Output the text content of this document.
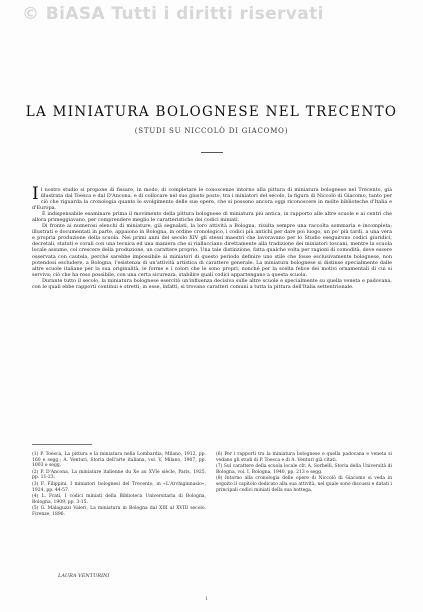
© BiASA Tutti i diritti riservati
LA MINIATURA BOLOGNESE NEL TRECENTO
(STUDI SU NICCOLÒ DI GIACOMO)

Il nostro studio si propone di fissare, in modo, di completare le conoscenze intorno alla pittura di miniatura bolognese nel Trecento, già illustrata dal Toesca e dal D'Ancona, e di collocare nel suo giusto posto, tra i miniatori del secolo, la figura di Niccolò di Giacomo, tanto per ciò che riguarda la cronologia quanto lo svolgimento delle sue opere, che si possono ancora oggi riconoscere in molte biblioteche d'Italia e d'Europa.

È indispensabile esaminare prima il movimento della pittura bolognese di miniatura più antica, in rapporto alle altre scuole e ai centri che allora primeggiavano, per comprendere meglio le caratteristiche dei codici miniati.

Di fronte ai numerosi elenchi di miniature, già segnalati, la loro attività a Bologna, risulta sempre una raccolta sommaria e incompleta; illustrati e documentati in parte, appaiono in Bologna, in ordine cronologico, i codici più antichi per dare poi luogo, un po' più tardi, a una vera e propria produzione della scuola. Nei primi anni del secolo XIV gli stessi maestri che lavoravano per lo Studio eseguirono codici giuridici, decretali, statuti e corali con una tecnica ed una maniera che si riallacciano direttamente alla tradizione dei miniatori toscani, mentre la scuola locale assume, col crescere della produzione, un carattere proprio. Una tale distinzione, fatta qualche volta per ragioni di comodità, deve essere osservata con cautela, perché sarebbe impossibile ai miniatori di questo periodo definire uno stile che fosse esclusivamente bolognese, non potendosi escludere, a Bologna, l'esistenza di un'attività artistica di carattere generale. La miniatura bolognese si distinse specialmente dalle altre scuole italiane per la sua originalità, le forme e i colori che le sono propri, nonché per la scelta felice dei motivi ornamentali di cui si serviva; ciò che ha reso possibile, con una certa sicurezza, stabilire quali codici appartengano a questa scuola.

Durante tutto il secolo, la miniatura bolognese esercitò un'influenza decisiva sulle altre scuole e specialmente su quella veneta e padovana, con le quali ebbe rapporti continui e stretti; in esse, infatti, si trovano caratteri comuni a tutta la pittura dell'Italia settentrionale.

(1) P. Toesca, La pittura e la miniatura nella Lombardia, Milano, 1912, pp. 160 e segg.; A. Venturi, Storia dell'arte italiana, vol. V, Milano, 1907, pp. 1003 e segg.

(2) P. D'Ancona, La miniature italienne du Xe au XVIe siècle, Paris, 1925, pp. 11-23.

(3) F. Filippini, I miniatori bolognesi del Trecento, in «L'Archiginnasio», 1924, pp. 44-57.

(4) L. Frati, I codici miniati della Biblioteca Universitaria di Bologna, Bologna, 1909, pp. 3-15.

(5) G. Malaguzzi Valeri, La miniatura in Bologna dal XIII al XVIII secolo, Firenze, 1896.

(6) Per i rapporti tra la miniatura bolognese e quella padovana e veneta si vedano gli studi di P. Toesca e di A. Venturi già citati.

(7) Sul carattere della scuola locale cfr. A. Sorbelli, Storia della Università di Bologna, vol. I, Bologna, 1940, pp. 213 e segg.

(8) Intorno alla cronologia delle opere di Niccolò di Giacomo si veda in seguito il capitolo dedicato alla sua attività, nel quale sono discussi e datati i principali codici miniati della sua bottega.

LAURA VENTURINI
1
